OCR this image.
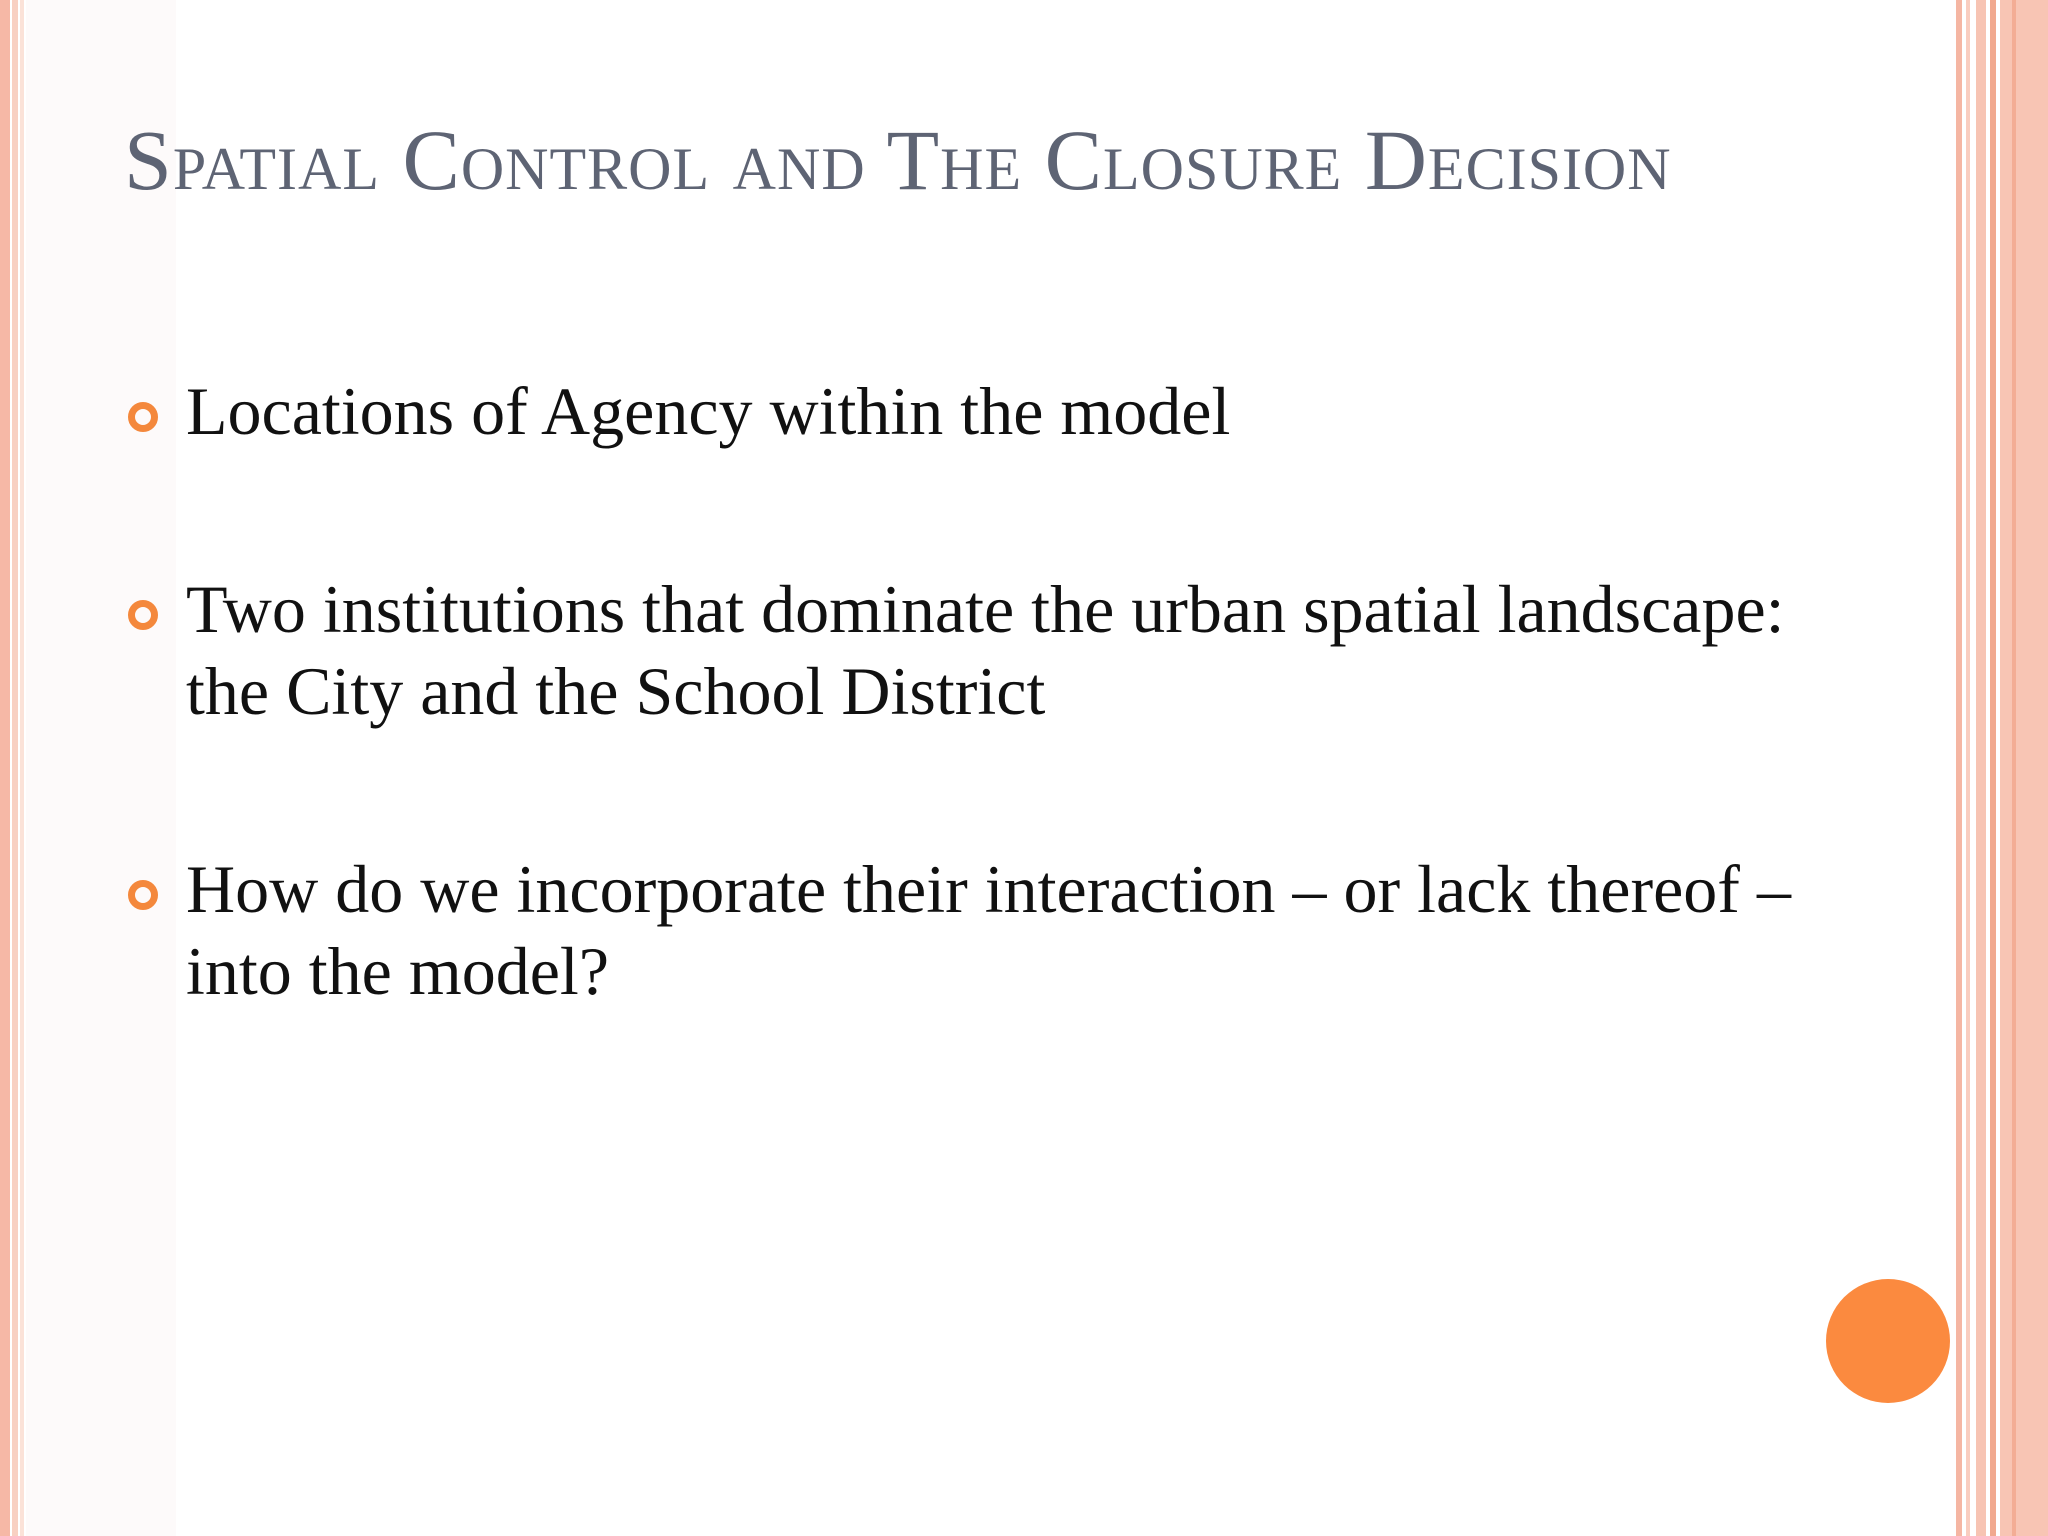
Spatial Control and The Closure Decision
Locations of Agency within the model
Two institutions that dominate the urban spatial landscape: the City and the School District
How do we incorporate their interaction – or lack thereof – into the model?
